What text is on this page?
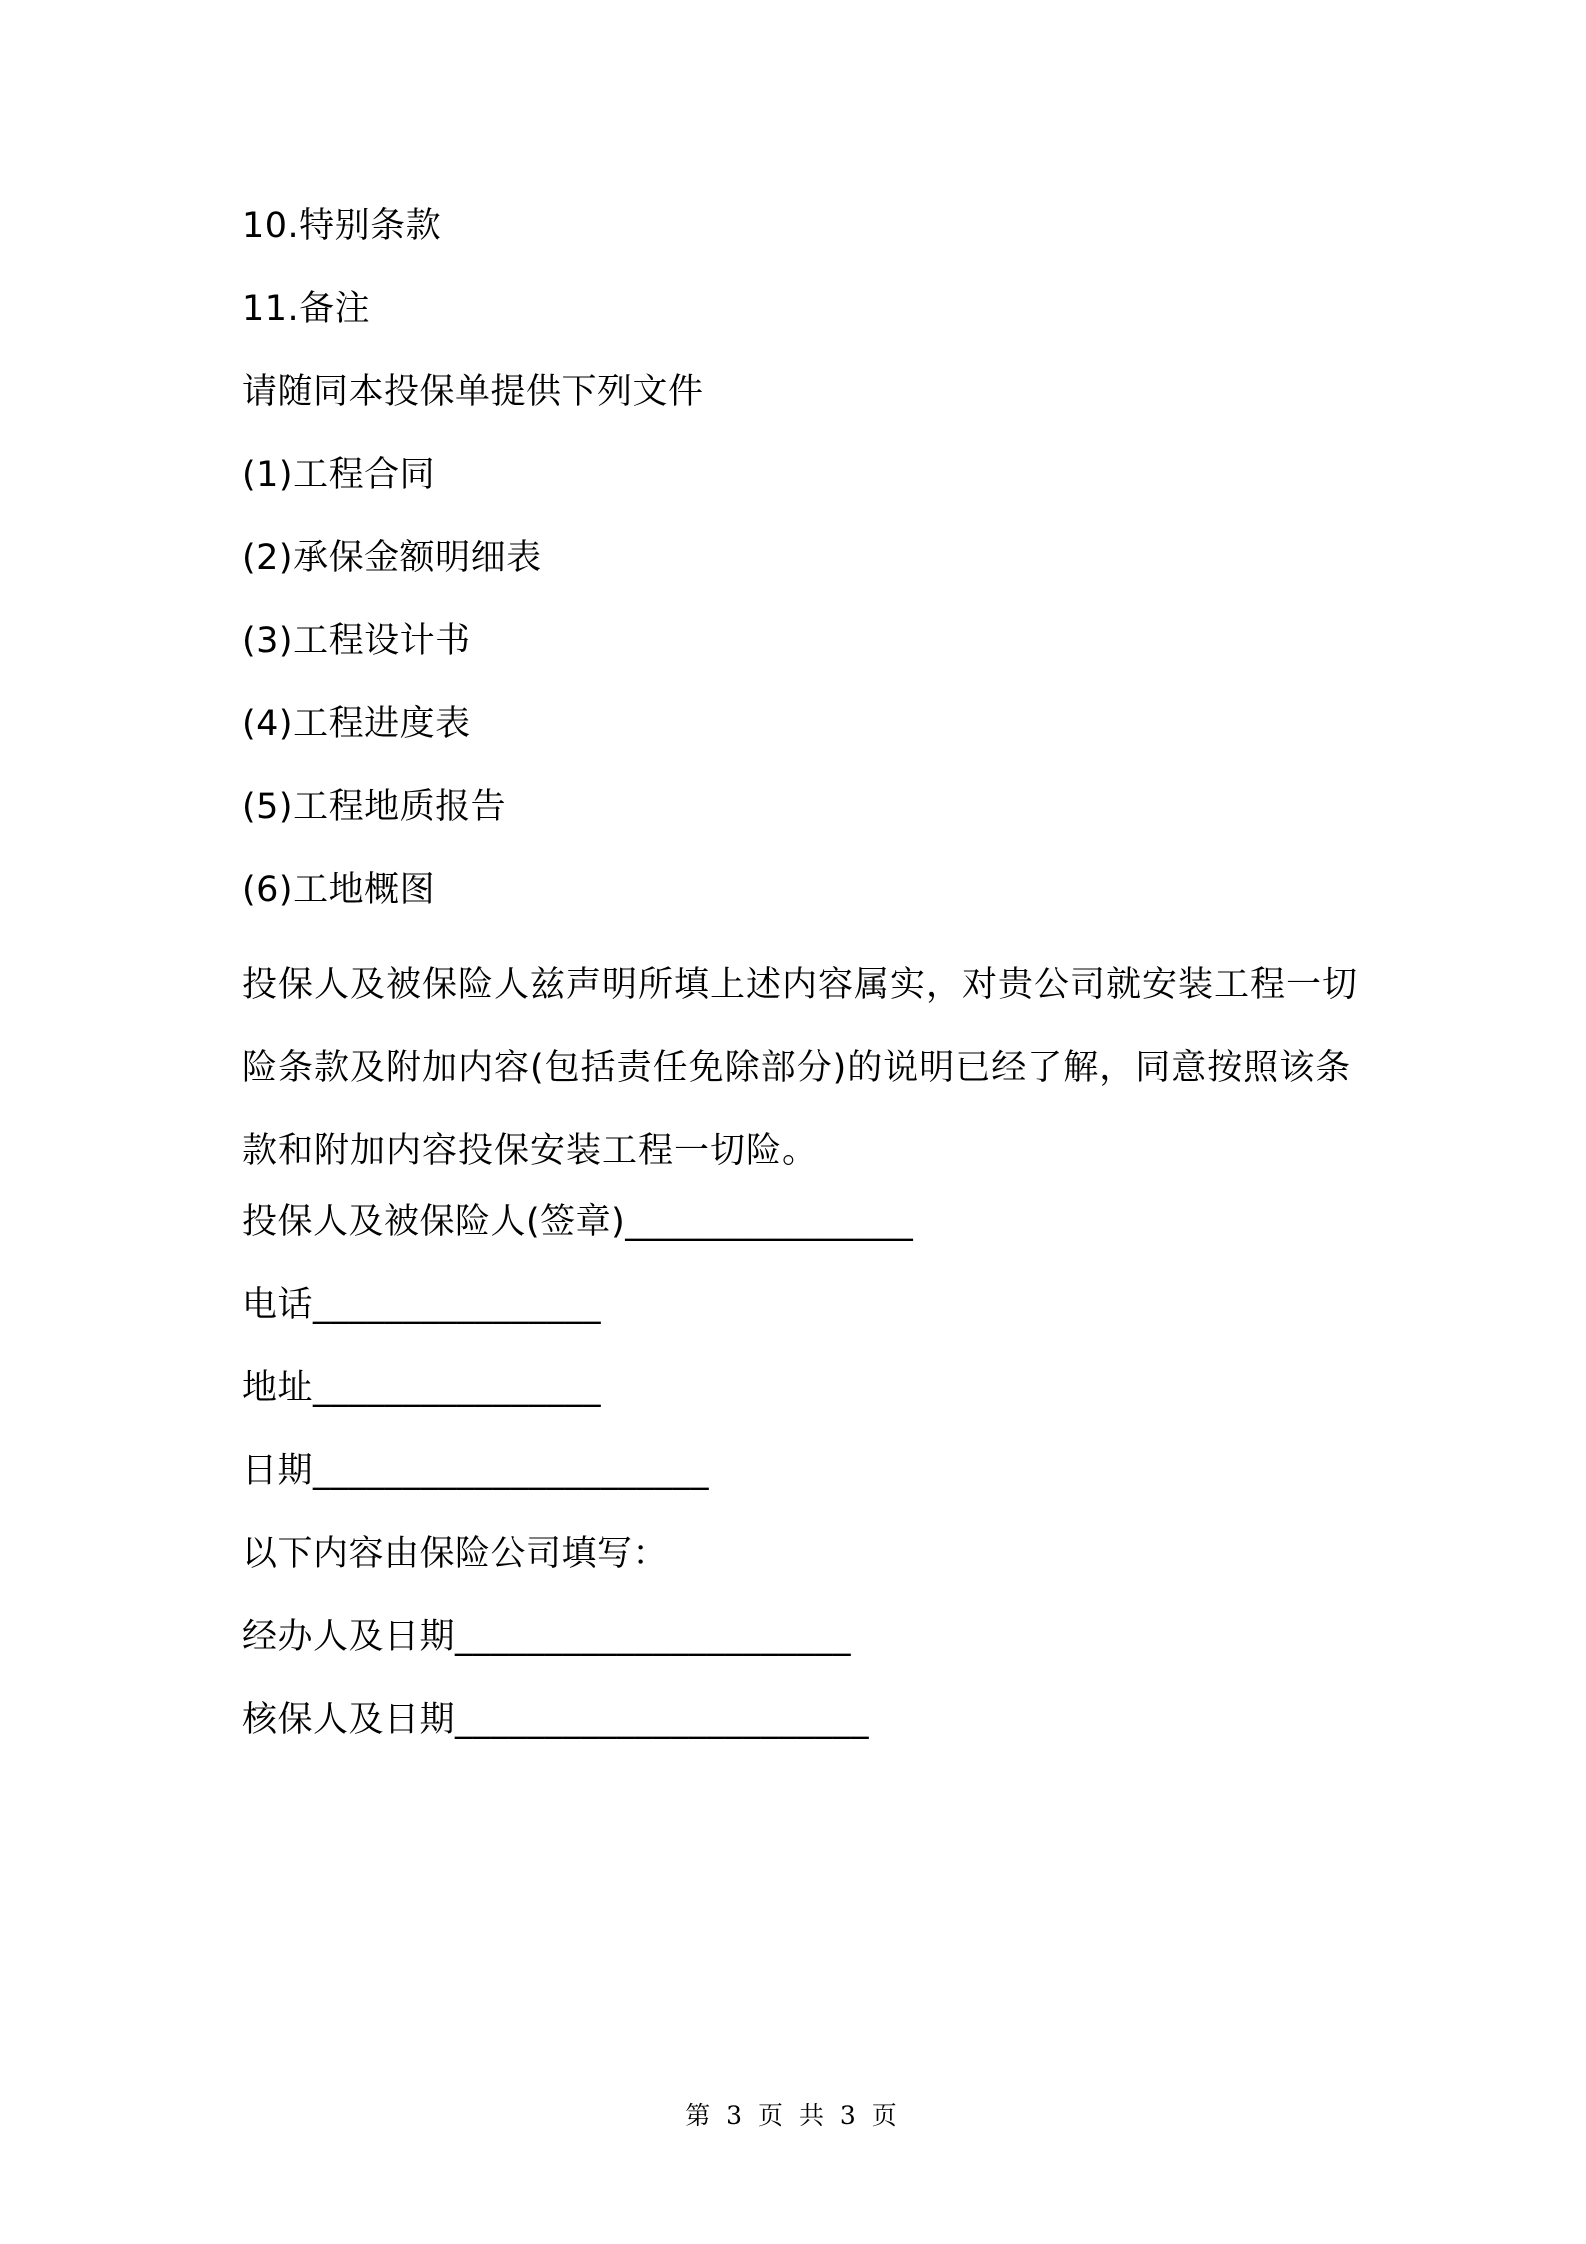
10.特别条款
11.备注
请随同本投保单提供下列文件
(1)工程合同
(2)承保金额明细表
(3)工程设计书
(4)工程进度表
(5)工程地质报告
(6)工地概图
投保人及被保险人兹声明所填上述内容属实，对贵公司就安装工程一切险条款及附加内容(包括责任免除部分)的说明已经了解，同意按照该条款和附加内容投保安装工程一切险。
投保人及被保险人(签章)________________
电话________________
地址________________
日期______________________
以下内容由保险公司填写：
经办人及日期______________________
核保人及日期_______________________
第 3 页 共 3 页
